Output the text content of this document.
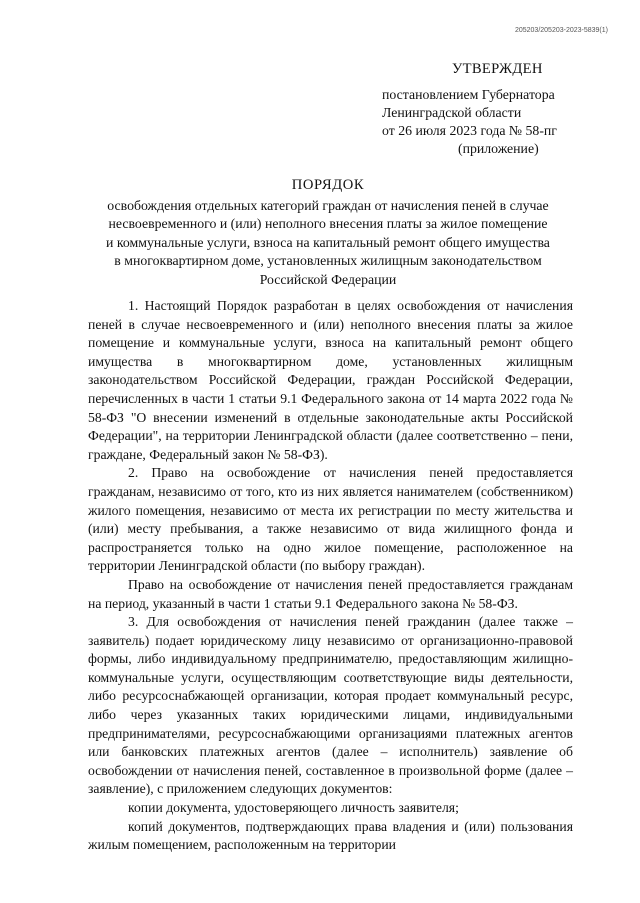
205203/205203-2023-5839(1)
УТВЕРЖДЕН
постановлением Губернатора
Ленинградской области
от 26 июля 2023 года № 58-пг
(приложение)
ПОРЯДОК
освобождения отдельных категорий граждан от начисления пеней в случае
несвоевременного и (или) неполного внесения платы за жилое помещение
и коммунальные услуги, взноса на капитальный ремонт общего имущества
в многоквартирном доме, установленных жилищным законодательством
Российской Федерации

1. Настоящий Порядок разработан в целях освобождения от начисления пеней в случае несвоевременного и (или) неполного внесения платы за жилое помещение и коммунальные услуги, взноса на капитальный ремонт общего имущества в многоквартирном доме, установленных жилищным законодательством Российской Федерации, граждан Российской Федерации, перечисленных в части 1 статьи 9.1 Федерального закона от 14 марта 2022 года № 58-ФЗ "О внесении изменений в отдельные законодательные акты Российской Федерации", на территории Ленинградской области (далее соответственно – пени, граждане, Федеральный закон № 58-ФЗ).

2. Право на освобождение от начисления пеней предоставляется гражданам, независимо от того, кто из них является нанимателем (собственником) жилого помещения, независимо от места их регистрации по месту жительства и (или) месту пребывания, а также независимо от вида жилищного фонда и распространяется только на одно жилое помещение, расположенное на территории Ленинградской области (по выбору граждан).

Право на освобождение от начисления пеней предоставляется гражданам на период, указанный в части 1 статьи 9.1 Федерального закона № 58-ФЗ.

3. Для освобождения от начисления пеней гражданин (далее также – заявитель) подает юридическому лицу независимо от организационно-правовой формы, либо индивидуальному предпринимателю, предоставляющим жилищно-коммунальные услуги, осуществляющим соответствующие виды деятельности, либо ресурсоснабжающей организации, которая продает коммунальный ресурс, либо через указанных таких юридическими лицами, индивидуальными предпринимателями, ресурсоснабжающими организациями платежных агентов или банковских платежных агентов (далее – исполнитель) заявление об освобождении от начисления пеней, составленное в произвольной форме (далее – заявление), с приложением следующих документов:

копии документа, удостоверяющего личность заявителя;

копий документов, подтверждающих права владения и (или) пользования жилым помещением, расположенным на территории
